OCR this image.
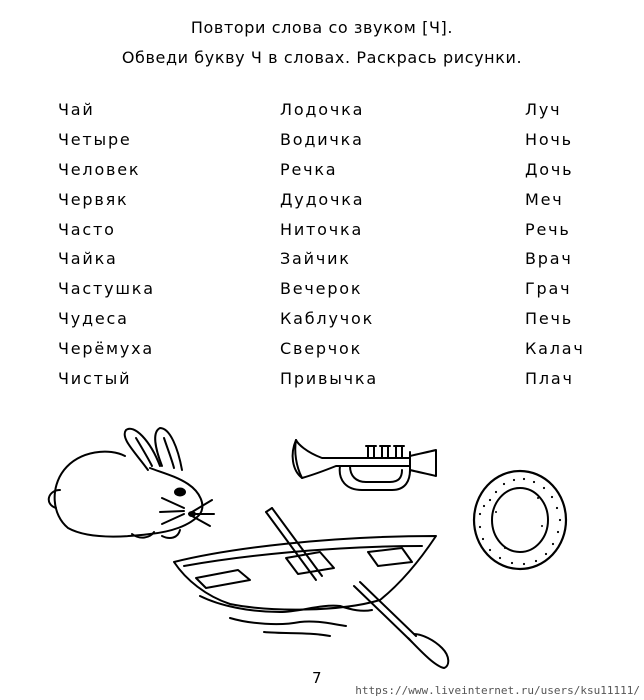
Повтори слова со звуком [Ч].
Обведи букву Ч в словах. Раскрась рисунки.
Чай
Четыре
Человек
Червяк
Часто
Чайка
Частушка
Чудеса
Черёмуха
Чистый
Лодочка
Водичка
Речка
Дудочка
Ниточка
Зайчик
Вечерок
Каблучок
Сверчок
Привычка
Луч
Ночь
Дочь
Меч
Речь
Врач
Грач
Печь
Калач
Плач
7
https://www.liveinternet.ru/users/ksu11111/
